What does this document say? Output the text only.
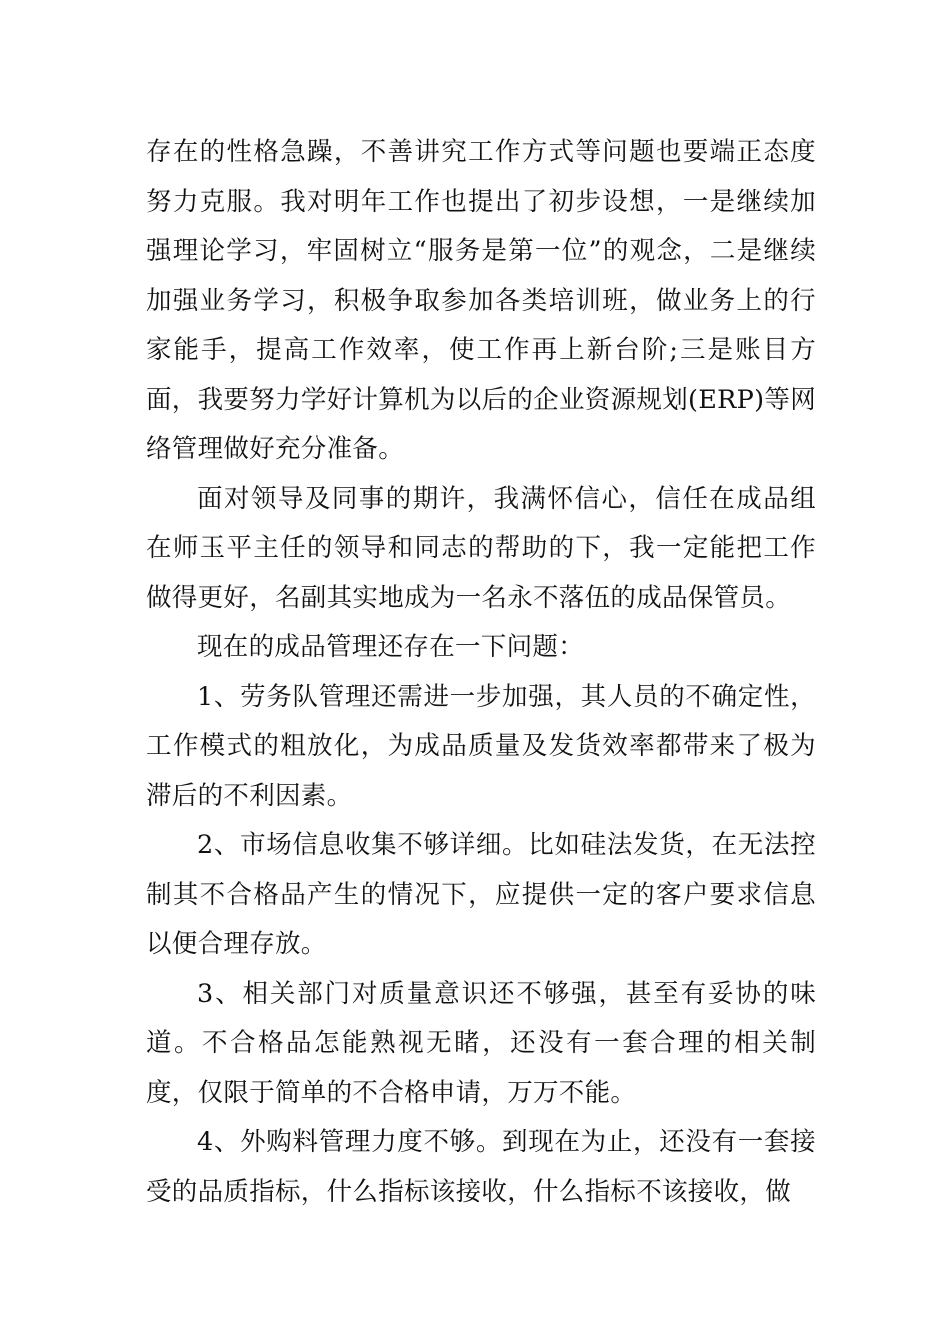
存在的性格急躁，不善讲究工作方式等问题也要端正态度努力克服。我对明年工作也提出了初步设想，一是继续加强理论学习，牢固树立“服务是第一位”的观念，二是继续加强业务学习，积极争取参加各类培训班，做业务上的行家能手，提高工作效率，使工作再上新台阶;三是账目方面，我要努力学好计算机为以后的企业资源规划(ERP)等网络管理做好充分准备。

面对领导及同事的期许，我满怀信心，信任在成品组在师玉平主任的领导和同志的帮助的下，我一定能把工作做得更好，名副其实地成为一名永不落伍的成品保管员。

现在的成品管理还存在一下问题：

1、劳务队管理还需进一步加强，其人员的不确定性，工作模式的粗放化，为成品质量及发货效率都带来了极为滞后的不利因素。

2、市场信息收集不够详细。比如硅法发货，在无法控制其不合格品产生的情况下，应提供一定的客户要求信息以便合理存放。

3、相关部门对质量意识还不够强，甚至有妥协的味道。不合格品怎能熟视无睹，还没有一套合理的相关制度，仅限于简单的不合格申请，万万不能。

4、外购料管理力度不够。到现在为止，还没有一套接受的品质指标，什么指标该接收，什么指标不该接收，做
